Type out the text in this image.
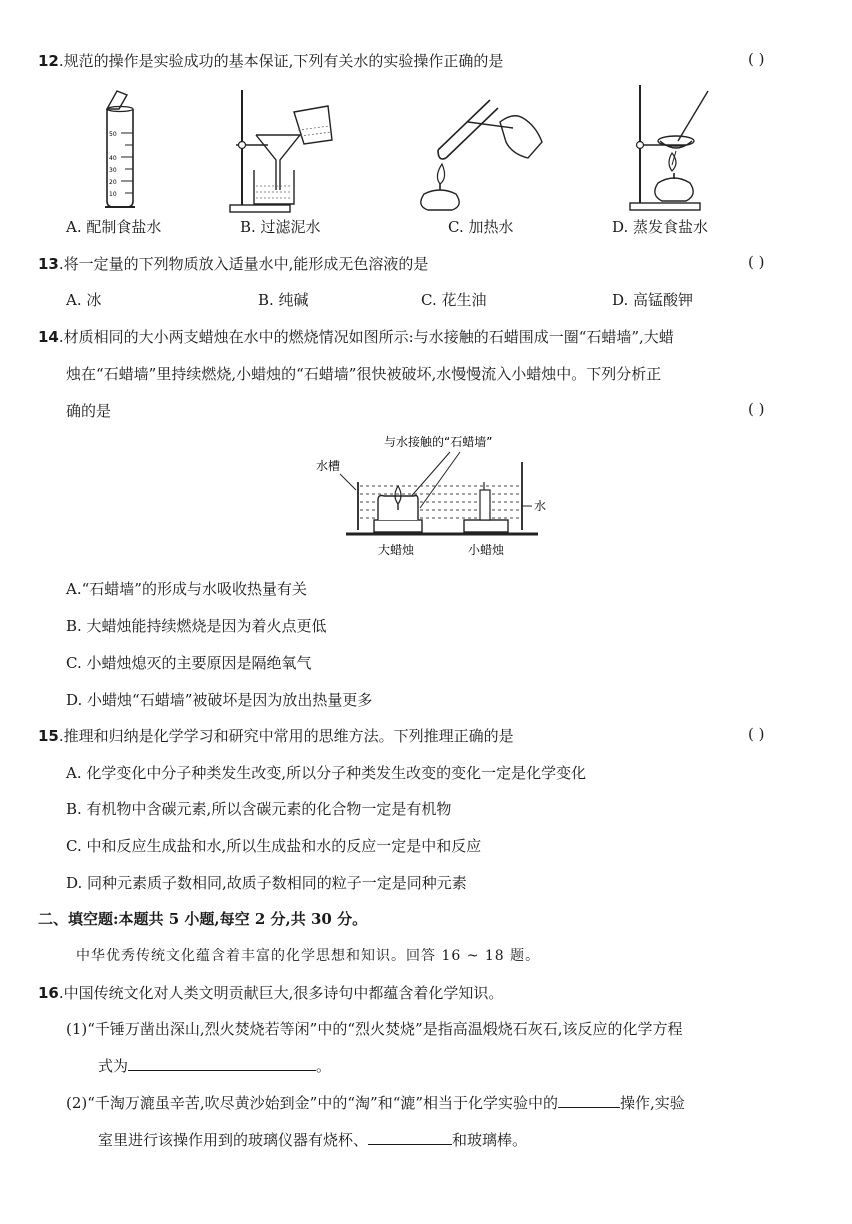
12.规范的操作是实验成功的基本保证,下列有关水的实验操作正确的是	( )
50
40
30
20
10
A. 配制食盐水	B. 过滤泥水	C. 加热水	D. 蒸发食盐水
13.将一定量的下列物质放入适量水中,能形成无色溶液的是	( )
A. 冰	B. 纯碱	C. 花生油	D. 高锰酸钾
14.材质相同的大小两支蜡烛在水中的燃烧情况如图所示:与水接触的石蜡围成一圈“石蜡墙”,大蜡
烛在“石蜡墙”里持续燃烧,小蜡烛的“石蜡墙”很快被破坏,水慢慢流入小蜡烛中。下列分析正
确的是	( )
与水接触的“石蜡墙”
水槽
水
大蜡烛	小蜡烛
A.“石蜡墙”的形成与水吸收热量有关
B. 大蜡烛能持续燃烧是因为着火点更低
C. 小蜡烛熄灭的主要原因是隔绝氧气
D. 小蜡烛“石蜡墙”被破坏是因为放出热量更多
15.推理和归纳是化学学习和研究中常用的思维方法。下列推理正确的是	( )
A. 化学变化中分子种类发生改变,所以分子种类发生改变的变化一定是化学变化
B. 有机物中含碳元素,所以含碳元素的化合物一定是有机物
C. 中和反应生成盐和水,所以生成盐和水的反应一定是中和反应
D. 同种元素质子数相同,故质子数相同的粒子一定是同种元素
二、填空题:本题共 5 小题,每空 2 分,共 30 分。
中华优秀传统文化蕴含着丰富的化学思想和知识。回答 16 ~ 18 题。
16.中国传统文化对人类文明贡献巨大,很多诗句中都蕴含着化学知识。
(1)“千锤万凿出深山,烈火焚烧若等闲”中的“烈火焚烧”是指高温煅烧石灰石,该反应的化学方程
式为	。
(2)“千淘万漉虽辛苦,吹尽黄沙始到金”中的“淘”和“漉”相当于化学实验中的	操作,实验
室里进行该操作用到的玻璃仪器有烧杯、	和玻璃棒。
